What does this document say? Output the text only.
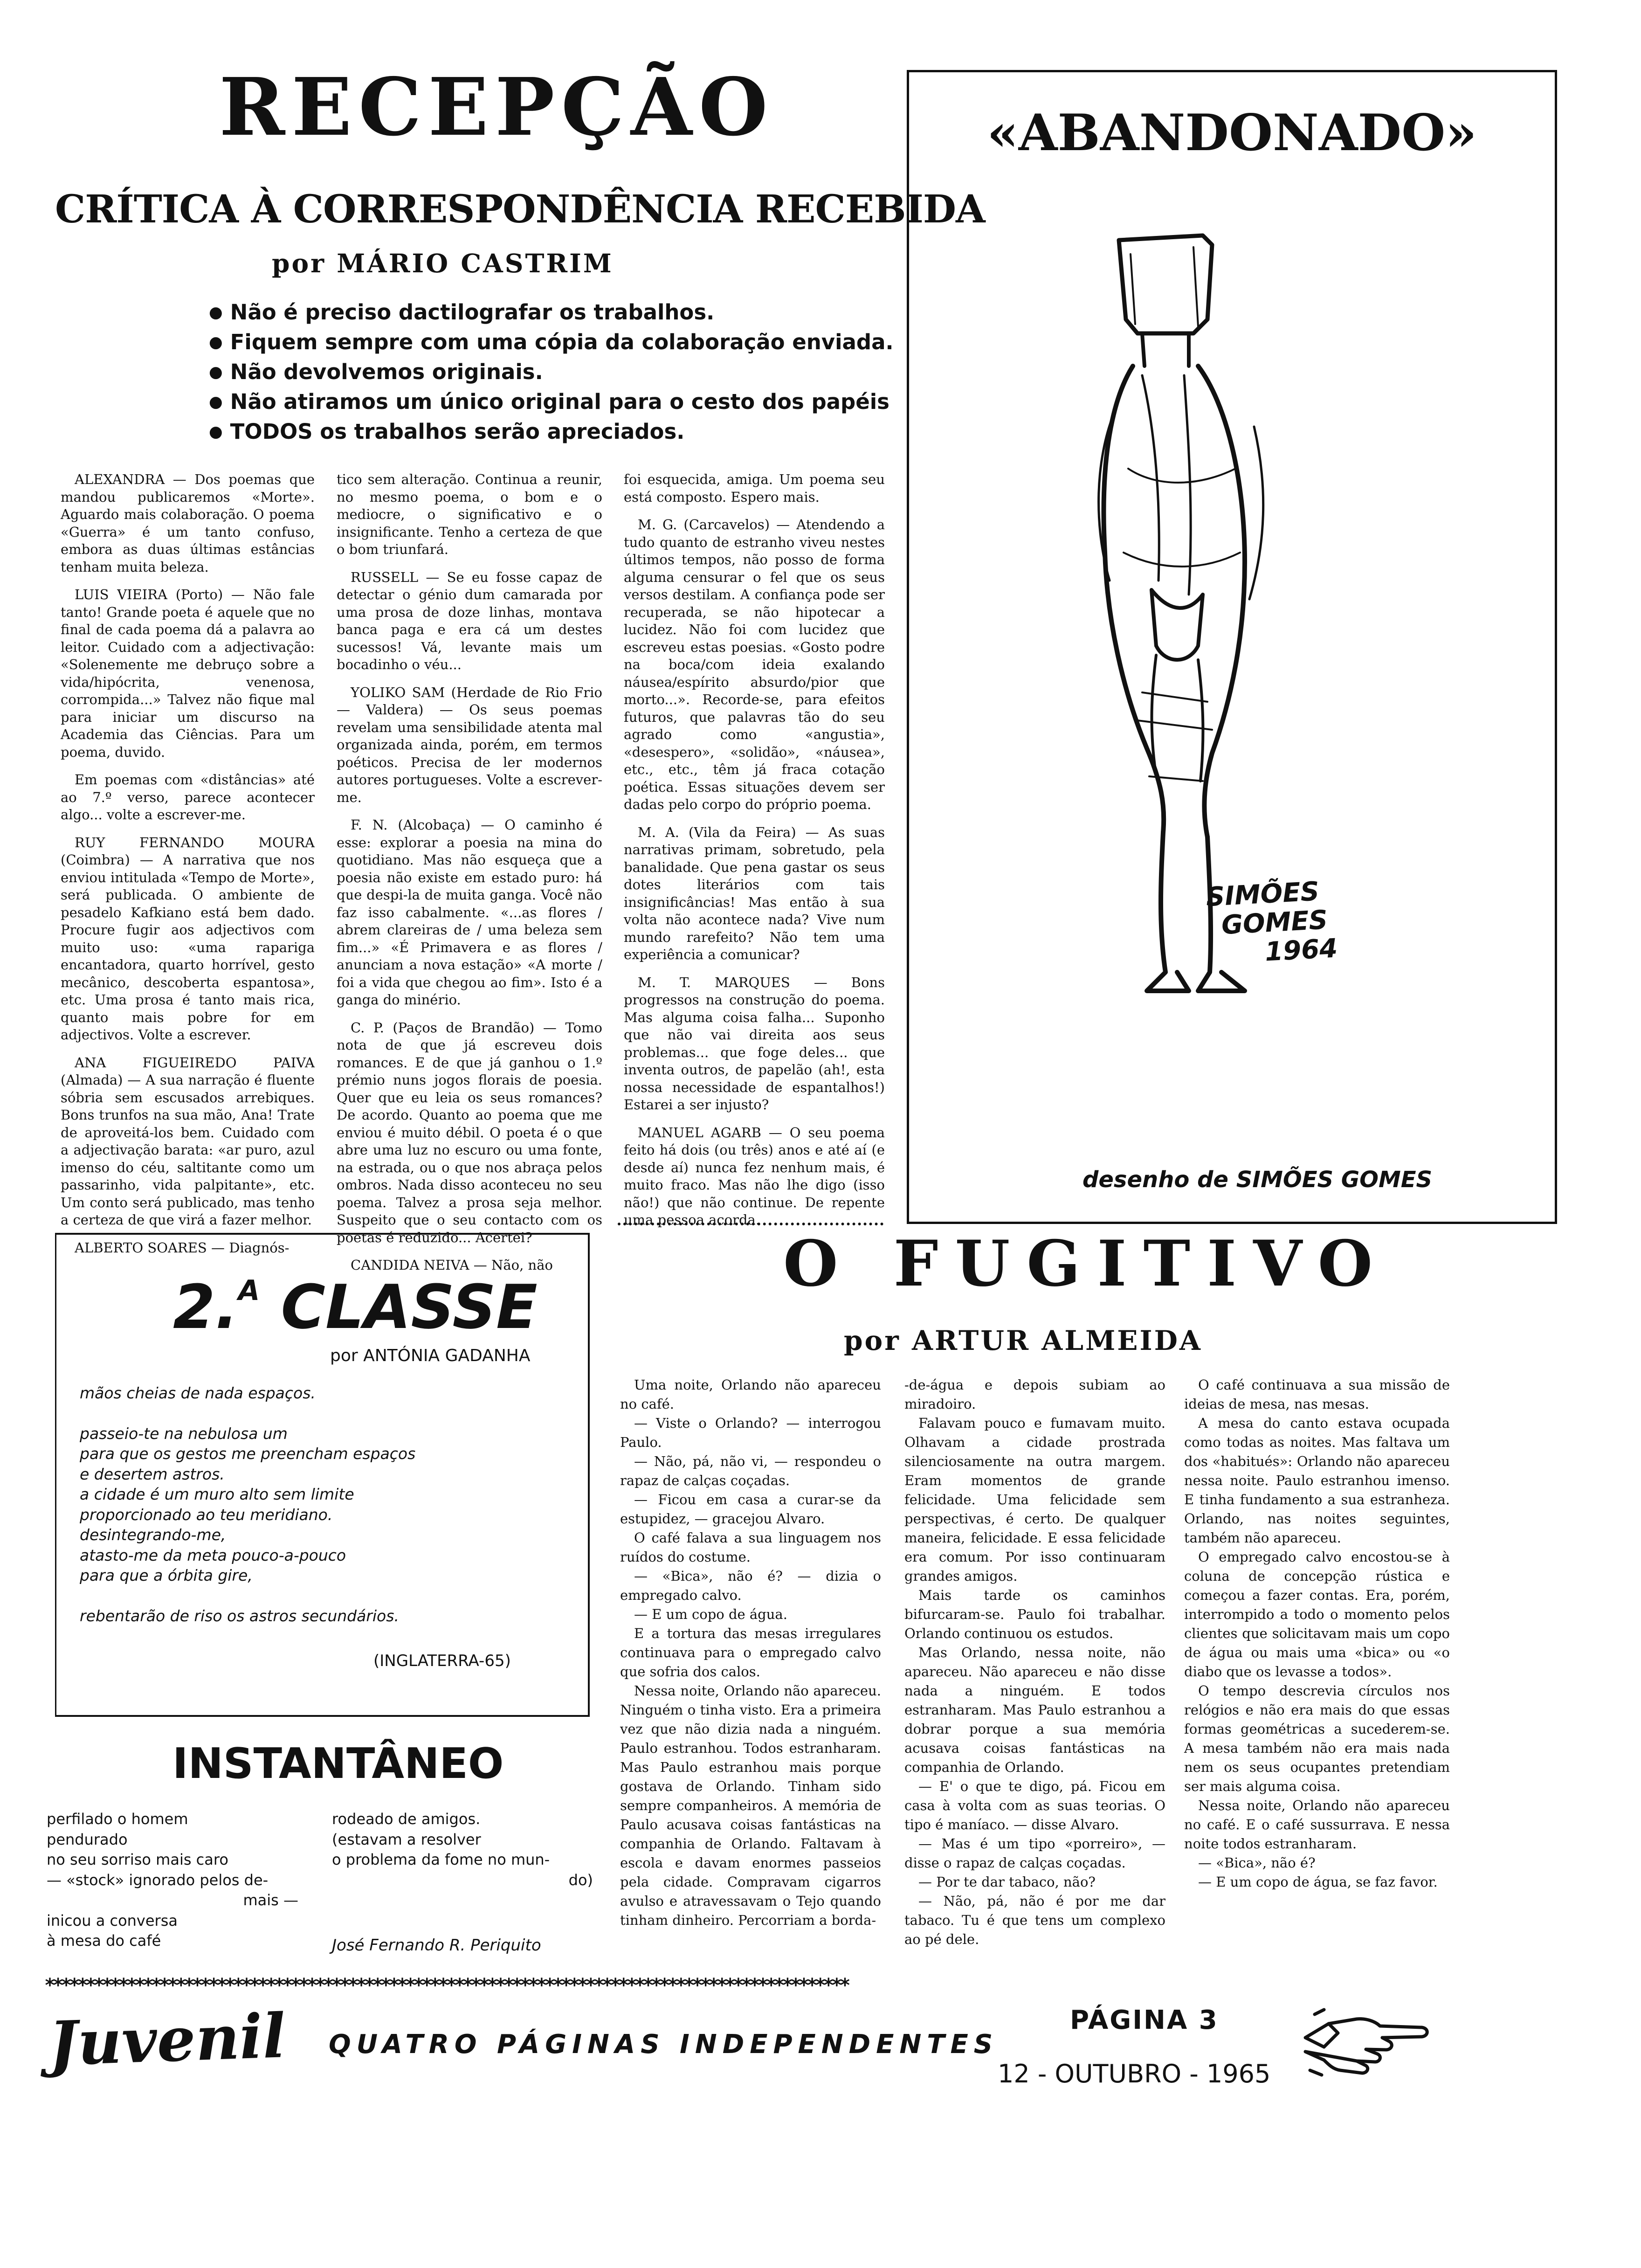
RECEPÇÃO
CRÍTICA À CORRESPONDÊNCIA RECEBIDA
por MÁRIO CASTRIM
● Não é preciso dactilografar os trabalhos.
● Fiquem sempre com uma cópia da colaboração enviada.
● Não devolvemos originais.
● Não atiramos um único original para o cesto dos papéis
● TODOS os trabalhos serão apreciados.

ALEXANDRA — Dos poemas que mandou publicaremos «Morte». Aguardo mais colaboração. O poema «Guerra» é um tanto confuso, embora as duas últimas estâncias tenham muita beleza.

LUIS VIEIRA (Porto) — Não fale tanto! Grande poeta é aquele que no final de cada poema dá a palavra ao leitor. Cuidado com a adjectivação: «Solenemente me debruço sobre a vida/hipócrita, venenosa, corrompida...» Talvez não fique mal para iniciar um discurso na Academia das Ciências. Para um poema, duvido.

Em poemas com «distâncias» até ao 7.º verso, parece acontecer algo... volte a escrever-me.

RUY FERNANDO MOURA (Coimbra) — A narrativa que nos enviou intitulada «Tempo de Morte», será publicada. O ambiente de pesadelo Kafkiano está bem dado. Procure fugir aos adjectivos com muito uso: «uma rapariga encantadora, quarto horrível, gesto mecânico, descoberta espantosa», etc. Uma prosa é tanto mais rica, quanto mais pobre for em adjectivos. Volte a escrever.

ANA FIGUEIREDO PAIVA (Almada) — A sua narração é fluente sóbria sem escusados arrebiques. Bons trunfos na sua mão, Ana! Trate de aproveitá-los bem. Cuidado com a adjectivação barata: «ar puro, azul imenso do céu, saltitante como um passarinho, vida palpitante», etc. Um conto será publicado, mas tenho a certeza de que virá a fazer melhor.

ALBERTO SOARES — Diagnós-

tico sem alteração. Continua a reunir, no mesmo poema, o bom e o mediocre, o significativo e o insignificante. Tenho a certeza de que o bom triunfará.

RUSSELL — Se eu fosse capaz de detectar o génio dum camarada por uma prosa de doze linhas, montava banca paga e era cá um destes sucessos! Vá, levante mais um bocadinho o véu...

YOLIKO SAM (Herdade de Rio Frio — Valdera) — Os seus poemas revelam uma sensibilidade atenta mal organizada ainda, porém, em termos poéticos. Precisa de ler modernos autores portugueses. Volte a escrever-me.

F. N. (Alcobaça) — O caminho é esse: explorar a poesia na mina do quotidiano. Mas não esqueça que a poesia não existe em estado puro: há que despi-la de muita ganga. Você não faz isso cabalmente. «...as flores / abrem clareiras de / uma beleza sem fim...» «É Primavera e as flores / anunciam a nova estação» «A morte / foi a vida que chegou ao fim». Isto é a ganga do minério.

C. P. (Paços de Brandão) — Tomo nota de que já escreveu dois romances. E de que já ganhou o 1.º prémio nuns jogos florais de poesia. Quer que eu leia os seus romances? De acordo. Quanto ao poema que me enviou é muito débil. O poeta é o que abre uma luz no escuro ou uma fonte, na estrada, ou o que nos abraça pelos ombros. Nada disso aconteceu no seu poema. Talvez a prosa seja melhor. Suspeito que o seu contacto com os poetas é reduzido... Acertei?

CANDIDA NEIVA — Não, não

foi esquecida, amiga. Um poema seu está composto. Espero mais.

M. G. (Carcavelos) — Atendendo a tudo quanto de estranho viveu nestes últimos tempos, não posso de forma alguma censurar o fel que os seus versos destilam. A confiança pode ser recuperada, se não hipotecar a lucidez. Não foi com lucidez que escreveu estas poesias. «Gosto podre na boca/com ideia exalando náusea/espírito absurdo/pior que morto...». Recorde-se, para efeitos futuros, que palavras tão do seu agrado como «angustia», «desespero», «solidão», «náusea», etc., etc., têm já fraca cotação poética. Essas situações devem ser dadas pelo corpo do próprio poema.

M. A. (Vila da Feira) — As suas narrativas primam, sobretudo, pela banalidade. Que pena gastar os seus dotes literários com tais insignificâncias! Mas então à sua volta não acontece nada? Vive num mundo rarefeito? Não tem uma experiência a comunicar?

M. T. MARQUES — Bons progressos na construção do poema. Mas alguma coisa falha... Suponho que não vai direita aos seus problemas... que foge deles... que inventa outros, de papelão (ah!, esta nossa necessidade de espantalhos!) Estarei a ser injusto?

MANUEL AGARB — O seu poema feito há dois (ou três) anos e até aí (e desde aí) nunca fez nenhum mais, é muito fraco. Mas não lhe digo (isso não!) que não continue. De repente uma pessoa acorda.

«ABANDONADO»
SIMÕES
GOMES
1964
desenho de SIMÕES GOMES
2.$^A$ CLASSE
por ANTÓNIA GADANHA
mãos cheias de nada espaços.
passeio-te na nebulosa um
para que os gestos me preencham espaços
e desertem astros.
a cidade é um muro alto sem limite
proporcionado ao teu meridiano.
desintegrando-me,
atasto-me da meta pouco-a-pouco
para que a órbita gire,
rebentarão de riso os astros secundários.
(INGLATERRA-65)
INSTANTÂNEO
perfilado o homem
pendurado
no seu sorriso mais caro
— «stock» ignorado pelos de-
mais —
inicou a conversa
à mesa do café
rodeado de amigos.
(estavam a resolver
o problema da fome no mun-
do)
José Fernando R. Periquito
O FUGITIVO
por ARTUR ALMEIDA

Uma noite, Orlando não apareceu no café.

— Viste o Orlando? — interrogou Paulo.

— Não, pá, não vi, — respondeu o rapaz de calças coçadas.

— Ficou em casa a curar-se da estupidez, — gracejou Alvaro.

O café falava a sua linguagem nos ruídos do costume.

— «Bica», não é? — dizia o empregado calvo.

— E um copo de água.

E a tortura das mesas irregulares continuava para o empregado calvo que sofria dos calos.

Nessa noite, Orlando não apareceu. Ninguém o tinha visto. Era a primeira vez que não dizia nada a ninguém. Paulo estranhou. Todos estranharam. Mas Paulo estranhou mais porque gostava de Orlando. Tinham sido sempre companheiros. A memória de Paulo acusava coisas fantásticas na companhia de Orlando. Faltavam à escola e davam enormes passeios pela cidade. Compravam cigarros avulso e atravessavam o Tejo quando tinham dinheiro. Percorriam a borda-

-de-água e depois subiam ao miradoiro.

Falavam pouco e fumavam muito. Olhavam a cidade prostrada silenciosamente na outra margem. Eram momentos de grande felicidade. Uma felicidade sem perspectivas, é certo. De qualquer maneira, felicidade. E essa felicidade era comum. Por isso continuaram grandes amigos.

Mais tarde os caminhos bifurcaram-se. Paulo foi trabalhar. Orlando continuou os estudos.

Mas Orlando, nessa noite, não apareceu. Não apareceu e não disse nada a ninguém. E todos estranharam. Mas Paulo estranhou a dobrar porque a sua memória acusava coisas fantásticas na companhia de Orlando.

— E' o que te digo, pá. Ficou em casa à volta com as suas teorias. O tipo é maníaco. — disse Alvaro.

— Mas é um tipo «porreiro», — disse o rapaz de calças coçadas.

— Por te dar tabaco, não?

— Não, pá, não é por me dar tabaco. Tu é que tens um complexo ao pé dele.

O café continuava a sua missão de ideias de mesa, nas mesas.

A mesa do canto estava ocupada como todas as noites. Mas faltava um dos «habitués»: Orlando não apareceu nessa noite. Paulo estranhou imenso. E tinha fundamento a sua estranheza. Orlando, nas noites seguintes, também não apareceu.

O empregado calvo encostou-se à coluna de concepção rústica e começou a fazer contas. Era, porém, interrompido a todo o momento pelos clientes que solicitavam mais um copo de água ou mais uma «bica» ou «o diabo que os levasse a todos».

O tempo descrevia círculos nos relógios e não era mais do que essas formas geométricas a sucederem-se. A mesa também não era mais nada nem os seus ocupantes pretendiam ser mais alguma coisa.

Nessa noite, Orlando não apareceu no café. E o café sussurrava. E nessa noite todos estranharam.

— «Bica», não é?

— E um copo de água, se faz favor.

**************************************************************************************************
Juvenil QUATRO PÁGINAS INDEPENDENTES
PÁGINA 3
12 - OUTUBRO - 1965
